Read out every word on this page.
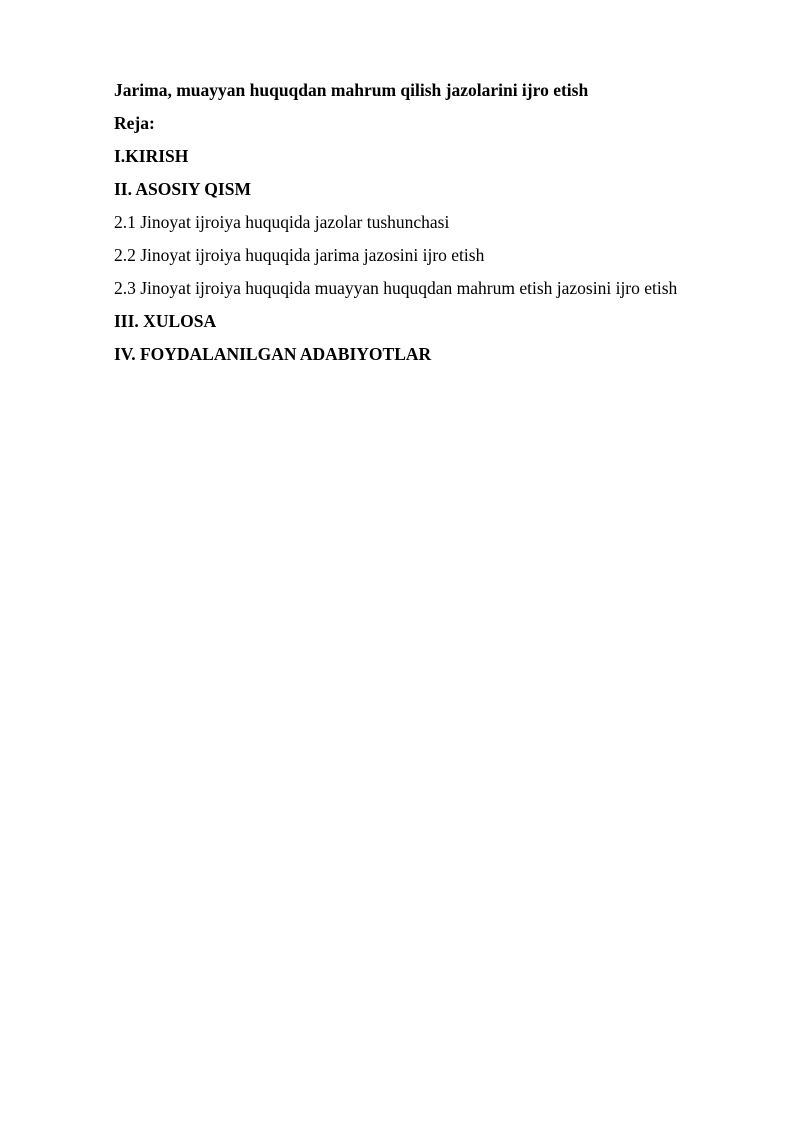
Jarima, muayyan huquqdan mahrum qilish jazolarini ijro etish

Reja:

I.KIRISH

II. ASOSIY QISM

2.1 Jinoyat ijroiya huquqida jazolar tushunchasi

2.2 Jinoyat ijroiya huquqida jarima jazosini ijro etish

2.3 Jinoyat ijroiya huquqida muayyan huquqdan mahrum etish jazosini ijro etish

III. XULOSA

IV. FOYDALANILGAN ADABIYOTLAR
